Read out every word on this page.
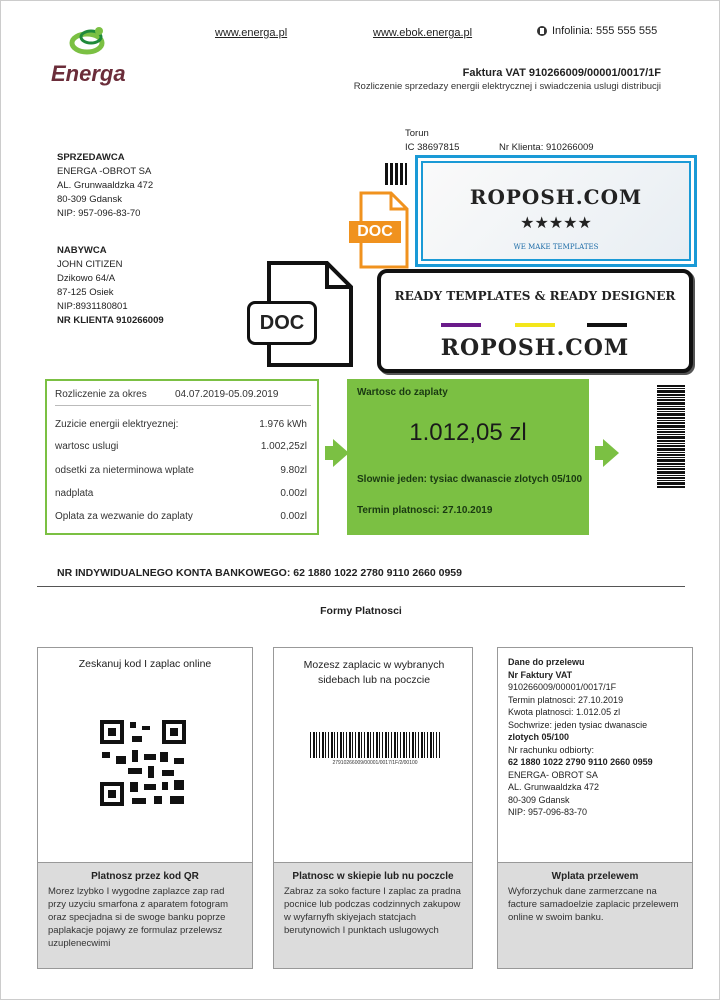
Energa
www.energa.pl	www.ebok.energa.pl	Infolinia: 555 555 555
Faktura VAT 910266009/00001/0017/1F
Rozliczenie sprzedazy energii elektrycznej i swiadczenia uslugi distribucji
Torun
IC 38697815	Nr Klienta: 910266009
SPRZEDAWCA
ENERGA -OBROT SA
AL. Grunwaaldzka 472
80-309 Gdansk
NIP: 957-096-83-70
NABYWCA
JOHN CITIZEN
Dzikowo 64/A
87-125 Osiek
NIP:8931180801
NR KLIENTA 910266009
ROPOSH.COM
★★★★★
WE MAKE TEMPLATES
READY TEMPLATES & READY DESIGNER
ROPOSH.COM
DOC
DOC
Rozliczenie za okres	04.07.2019-05.09.2019
Zuzicie energii elektryeznej:	1.976 kWh
wartosc uslugi	1.002,25zl
odsetki za nieterminowa wplate	9.80zl
nadplata	0.00zl
Oplata za wezwanie do zaplaty	0.00zl
Wartosc do zaplaty
1.012,05 zl
Slownie jeden: tysiac dwanascie zlotych 05/100
Termin platnosci: 27.10.2019
NR INDYWIDUALNEGO KONTA BANKOWEGO: 62 1880 1022 2780 9110 2660 0959
Formy Platnosci
Zeskanuj kod I zaplac online
Platnosz przez kod QR
Morez lzybko I wygodne zaplazce zap rad przy uzyciu smarfona z aparatem fotogram oraz specjadna si de swoge banku poprze paplakacje pojawy ze formulaz przelewsz uzuplenecwimi
Mozesz zaplacic w wybranych sidebach lub na poczcie
27910266009/00001/0017/1F/2/00100
Platnosc w skiepie lub nu poczcle
Zabraz za soko facture I zaplac za pradna pocnice lub podczas codzinnych zakupow w wyfarnyfh skiyejach statcjach berutynowich I punktach uslugowych
Dane do przelewu
Nr Faktury VAT
910266009/00001/0017/1F
Termin platnosci: 27.10.2019
Kwota platnosci: 1.012.05 zl
Sochwrize: jeden tysiac dwanascie
zlotych 05/100
Nr rachunku odbiorty:
62 1880 1022 2790 9110 2660 0959
ENERGA- OBROT SA
AL. Grunwaaldzka 472
80-309 Gdansk
NIP: 957-096-83-70
Wplata przelewem
Wyforzychuk dane zarmerzcane na facture samadoelzie zaplacic przelewem online w swoim banku.
